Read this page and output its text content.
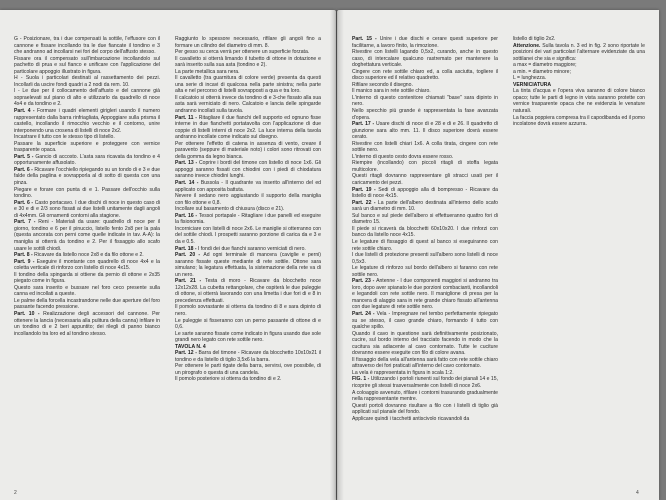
G - Posizionare, tra i due compensati la sottile, l'effusore con il cannone e fissare incollando tra le due fiancate il tondino e 3 che andranno ad incollarsi nei fori del corpo dell'affusto stesso.

Fissare ora il compensato sull'imbarcazione incollandolo sul pachetto di prua e sul fianco e unificare con l'applicazione del particolare appoggio illustrato in figura.

H - Suola i particolari destinati al rassettamento dei pezzi. Incollarli da uscire fondi quadri a 2 nodi da rem. 10.

I - Le due per il collocamento dell'affusto e del cannone già sopraelevati sul piano di alto e utilizzarlo da quadrello di noce 4x4 e da tondino e 2.

Part. 4 - Formare i quadri elementi girigleri usando il numero rappresentato dalla barra rinfriagliata, Appoggiare sulla prisma il castello, incollando il rimocchio vecchio e il contorno, unire interponendo una crosena di listelli di noce 2x2.

Incastrare il tutto con le stesso tipo di listello.

Passare la superficie superiore e proteggere con vernice trasparente opaca.

Part. 5 - Gancio di accosto. L'asta sara ricavata da tondino e 4 opportunamente affusolato.

Part. 6 - Ricavare l'occhiello ripiegando su un tondo di e 3 e due falde della paglina e sovrapporla al di sotto di questa con una pinza.

Piegare e forare con punta di e 1. Passare dell'occhio sulla tondino.

Part. 6 - Casto portacavo. I due dischi di noce in questo caso di e 30 e di e 2/3 sono fissati ai due listelli unitamente dagli angoli di 4x4mm. Gli ornamenti contorni alla stagione.

Part. 7 - Reni - Materiali da usare: quadrello di noce per il giorno, tondino e 6 per il pinuccio, listello fento 2x8 per la pala (questa ancorata con perni come quelle indicate in tav. A-A): la maniglia si otterrà da tondino e 2. Per il fissaggio allo scafo usare le sottili chiodi.

Part. 8 - Ricavare da listello noce 2x8 e da filo ottone e 2.

Part. 9 - Eseguire il montante con quadrello di noce 4x4 e la coletta verticale di rinforzo con listello di noce 4x15.

Il tondino della spingarda si ottiene da pernio di ottone e 2x35 piegato come in figura.

Questo sara inserito e bussare nel foro ceco presente sulla canna ed incollati a queste.

Le palme della forcella incastrandone nelle due aperture del foro passante facendo pressione.

Part. 10 - Realizzazione degli accessori del cannone. Per ottenere la lancia (necessaria alla pulitura della canna) infilare in un tondino di e 2 beri appuntito; dei rilegli di panno bianco incollandolo tra loro ed al tondino stesso.

Raggiunto lo spessore necessario, rifilare gli angoli fino a formare un cilindro del diametro di mm. 8.

Per gesso su cerca verrà per ottenere un superficie forzata.

Il cavalletto si otterrà limando il tubetto di ottone in dotazione e sarà inserito sulla sua asta (tondino e 2).

La parte metallica sara nera.

Il cavalletto (tra guarnitura di colore verde) presenta da questi una serie di incavi di qualcosa nella parte sinistra; nella parte alta e nel percorso di listelli sovrapposti a qua e tra loro.

Il calcatoio si otterrà invece da tondino di e 3-che fissato alla sua asta sarà verniciato di nero. Calcatoio e lancia delle spingarde andranno incollati sulla tavola.

Part. 11 - Ritagliare il due fianchi dell supporto ed ognuno fisse interne in due fianchetti portatavolta con l'applicazione di due coppie di listelli interni di noce 2x2. La luce interna della tavola andranno incollate come indicato sul disegno.

Per ottenere l'effetto di catena in assenza di vento, creare il paravento (seppure di materiale noto) i colori sono ritrovati con della gomma da legno bianca.

Part. 13 - Coprire i bordi del timone con listello di noce 1x6. Gli appoggi saranno fissati con chiodini con i piedi di chiodatura saranno invece chiodini lunghi.

Part. 14 - Bussola - Il quadrante va inserito all'interno del ed applicato con apposita battuta.

Nevere il sedano nero aggiustando il supporto della maniglia con filo ottone e 0,8.

Incollare sul basamento di chiusura (disco e 21).

Part. 16 - Tessoi portapale - Ritagliare i due panelli ed eseguire la fisionomia.

Incorniciare con listelli di noce 2x6. Le maniglie si otterranno con del sottile chiodi. I prospetti saranno porzione di carica da e 3 e da e 0.5.

Part. 18 - I fondi dei due fianchi saranno verniciati di nero.

Part. 20 - Ad ogni terminale di manovra (caviglie e perni) saranno fissate queste mediante di rete sottile. Ottone sara simulano; la legatura effettuata, la sistemazione della rete va di un nero.

Part. 21 - Testa di moro - Ricavare da blocchetto noce 12x12x28. La cubetta rettangolare, che ospiterà le due puleggie di ottone, si otterrà lavorando con una limetta i due fori di e 8 in precedenza effettuati.

Il pomolo sovrastante si otterra da tondino di 8 e sara dipinto di nero.

Le puleggie si fisseranno con un perno passante di ottone di e 0,6.

Le sarte saranno fissate come indicato in figura usando due sole grandi nero legato con rete sottile nero.

TAVOLA N. 4

Part. 12 - Barra del timone - Ricavare da blocchetto 10x10x21 il tondino e da listello di tiglio 3,5x6 la barra.

Per ottenere le parti rigate della barra, servirsi, ove possibile, di un pirografo o questa di una candela.

Il pomolo posteriore si otterra da tondino di e 2.

2

Part. 15 - Unire i due dischi e cerare questi superiore per facilitarne, a lavoro finito, la rimozione.

Rivestire con listelli lagando 0,5x2, curando, anche in questo caso, di intercalare qualcuno rastremato per mantenere la doghettatura verticale.

Cingere con rete sottile chiaro ed, a colla asciutta, togliere il disco superiore ed il relativo quadretto.

Rifilare secondo il disegno.

Il manico sara in rete sottile chiaro.

L'interno di questo contenitore chiamati "base" sara dipinto in nero.

Nello specchio più grande è rappresentata la fase avanzata d'opera.

Part. 17 - Usare dischi di noce di e 28 e di e 26. Il quadretto di giunzione sara alto mm. 11. Il disco superiore dovrà essere cerato.

Rivestire con listelli chiari 1x6. A colla tirata, cingere con rete sottile nero.

L'interno di questo cesto dovra essere rosso.

Riempire (incollando) con piccoli ritagli di stoffa legata multicolore.

Questi ritagli dovranno rappresentare gli stracci usati per il caricamento dei pezzi.

Part. 19 - Sedi di appoggio alla di bompresso - Ricavare da listello di noce 4x15.

Part. 22 - La parte dell'albero destinata all'interno dello scafo sarà un diametro di mm. 10.

Sul banco e sul piede dell'albero si effettueranno quattro fori di diametro 15.

Il piede si ricaverà da blocchetti 60x10x20. I due rinforzi con banco da listello noce 4x15.

Le legature di fissaggio di quest al banco si eseguiranno con rete sottile chiaro.

I due listelli di protezione presenti sull'albero sono listelli di noce 0,5x3.

Le legature di rinforzo sul bordo dell'albero si faranno con rete sottile nero.

Part. 23 - Antenne - I due componenti maggiori si andranno tra loro, dopo aver spianato le due porzioni combacianti, incollandoli e legandoli con rete sottile nero. Il maniglione di presa per la manovra di alaggio sara in rete grande chiaro fissato all'antenna con due legature di rete sottile nero.

Part. 24 - Vela - Impregnare nel tembo perfettamente ripiegato su se stesso, il cavo grande chiaro, formando il tutto con qualche spillo.

Quando il cavo in questione sarà definitivamente posizionato, cucire, sul bordo interno del tracciato facendo in modo che la cucitura sia adiacente al cavo contornato. Tutte le cuciture dovranno essere eseguite con filo di colore avana.

Il fissaggio della vela all'antenna sarà fatto con rete sottile chiaro attraverso dei fori praticati all'interno del cavo contornato.

La vela è rappresentata in figura in scala 1:2.

FIG. 1 - Utilizzando i portoli riunenti sul fondo dei pianali 14 e 15, ricoprire gli stessi trasversalmente con listelli di noce 2x6.

A coloaggio avvenuto, rifilare i contorni trasurando gradualmente nella rappresentante mentre.

Questi portoli dovranno risultare a filo con i listelli di tiglio già applicati sul pianale del fondo.

Applicare quindi i tacchetti antiscivolo ricavandoli da

listello di tiglio 2x2.

Attenzione. Sulla tavola n. 3 ed in fig. 2 sono riportate le posizioni dei vari particolari l'alternare evidenziate da una sottilanei che sia e significa:

a max = diametro maggiore;

a min. = diametro minore;

L = lunghezza.

VERNICIATURA

La tinta d'acqua e l'opera viva saranno di colore bianco opaco; tutte le parti di legno in vista saranno protette con vernice trasparente opaca che ne evidenzia le venature naturali.

La faccia poppiera compresa tra il capodibanda ed il pomo incolatone dovrà essere azzurra.

4
